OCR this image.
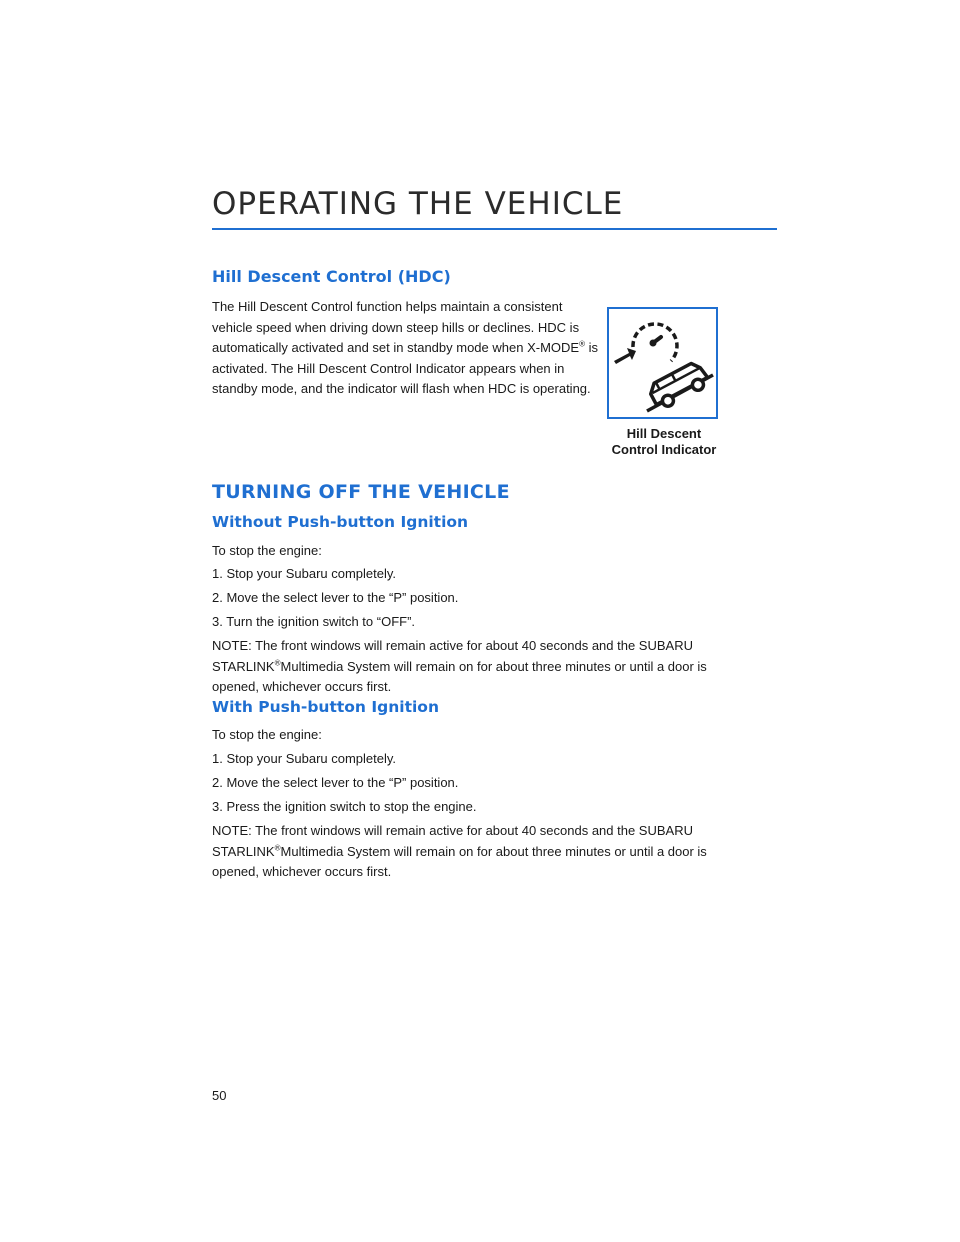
OPERATING THE VEHICLE
Hill Descent Control (HDC)
The Hill Descent Control function helps maintain a consistent
vehicle speed when driving down steep hills or declines. HDC is
automatically activated and set in standby mode when X-MODE® is
activated. The Hill Descent Control Indicator appears when in
standby mode, and the indicator will flash when HDC is operating.
Hill Descent
Control Indicator
TURNING OFF THE VEHICLE
Without Push-button Ignition
To stop the engine:
1. Stop your Subaru completely.
2. Move the select lever to the “P” position.
3. Turn the ignition switch to “OFF”.
NOTE: The front windows will remain active for about 40 seconds and the SUBARU
STARLINK®Multimedia System will remain on for about three minutes or until a door is
opened, whichever occurs first.
With Push-button Ignition
To stop the engine:
1. Stop your Subaru completely.
2. Move the select lever to the “P” position.
3. Press the ignition switch to stop the engine.
NOTE: The front windows will remain active for about 40 seconds and the SUBARU
STARLINK®Multimedia System will remain on for about three minutes or until a door is
opened, whichever occurs first.
50
